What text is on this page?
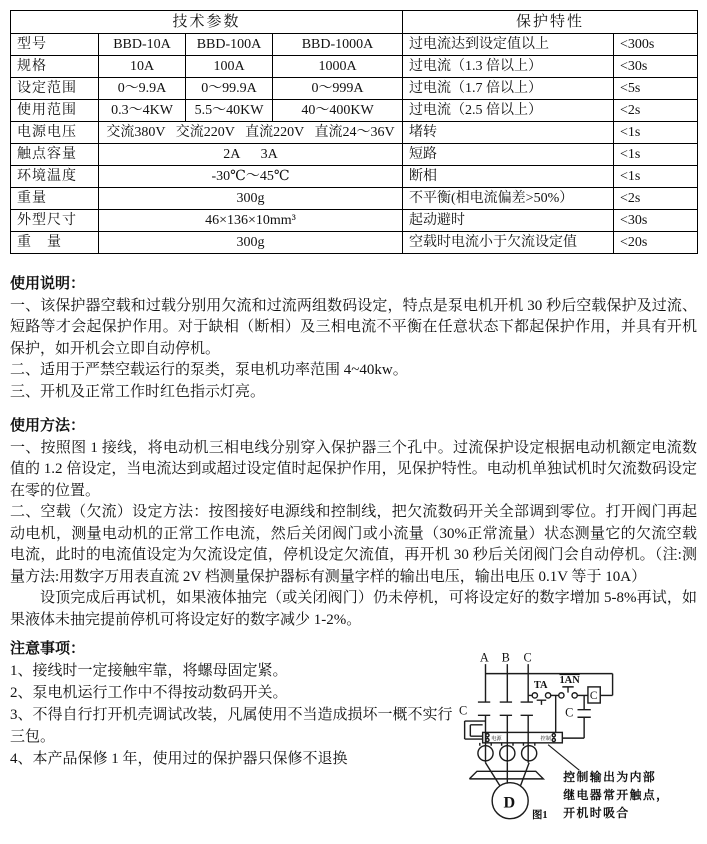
技术参数				保护特性	
型号	BBD-10A	BBD-100A	BBD-1000A	过电流达到设定值以上	<300s
规格	10A	100A	1000A	过电流（1.3 倍以上）	<30s
设定范围	0～9.9A	0～99.9A	0～999A	过电流（1.7 倍以上）	<5s
使用范围	0.3～4KW	5.5～40KW	40～400KW	过电流（2.5 倍以上）	<2s
电源电压	交流380V   交流220V   直流220V   直流24～36V			堵转	<1s
触点容量	2A      3A			短路	<1s
环境温度	-30℃～45℃			断相	<1s
重量	300g			不平衡(相电流偏差>50%）	<2s
外型尺寸	46×136×10mm³			起动避时	<30s
重　量	300g			空载时电流小于欠流设定值	<20s

使用说明：

一、该保护器空载和过载分别用欠流和过流两组数码设定，特点是泵电机开机 30 秒后空载保护及过流、短路等才会起保护作用。对于缺相（断相）及三相电流不平衡在任意状态下都起保护作用，并具有开机保护，如开机会立即自动停机。

二、适用于严禁空载运行的泵类，泵电机功率范围 4~40kw。

三、开机及正常工作时红色指示灯亮。

使用方法：

一、按照图 1 接线，将电动机三相电线分别穿入保护器三个孔中。过流保护设定根据电动机额定电流数值的 1.2 倍设定，当电流达到或超过设定值时起保护作用，见保护特性。电动机单独试机时欠流数码设定在零的位置。

二、空载（欠流）设定方法：按图接好电源线和控制线，把欠流数码开关全部调到零位。打开阀门再起动电机，测量电动机的正常工作电流，然后关闭阀门或小流量（30%正常流量）状态测量它的欠流空载电流，此时的电流值设定为欠流设定值，停机设定欠流值，再开机 30 秒后关闭阀门会自动停机。（注:测量方法:用数字万用表直流 2V 档测量保护器标有测量字样的输出电压，输出电压 0.1V 等于 10A）

设顶完成后再试机，如果液体抽完（或关闭阀门）仍未停机，可将设定好的数字增加 5-8%再试，如果液体未抽完提前停机可将设定好的数字减少 1-2%。

注意事项：

1、接线时一定接触牢靠，将螺母固定紧。

2、泵电机运行工作中不得按动数码开关。

3、不得自行打开机壳调试改装，凡属使用不当造成损坏一概不实行三包。

4、本产品保修 1 年，使用过的保护器只保修不退换

A B C
C
TA 1AN
C
C
电源	控制
D
图1
控制输出为内部
继电器常开触点，
开机时吸合
